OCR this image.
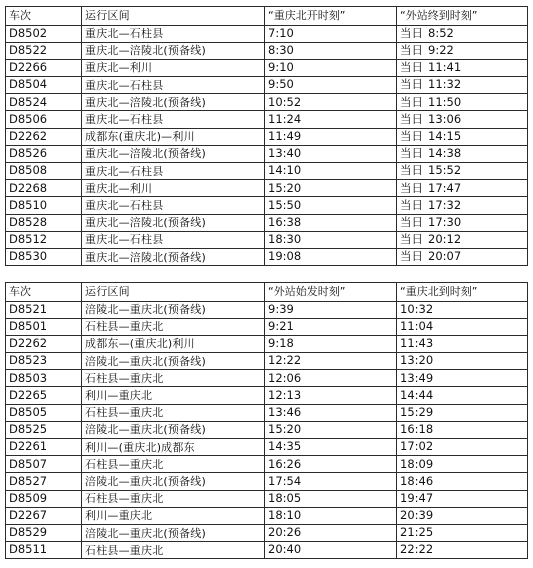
车次	运行区间	“重庆北开时刻”	“外站终到时刻”
D8502	重庆北—石柱县	7:10	当日 8:52
D8522	重庆北—涪陵北(预备线)	8:30	当日 9:22
D2266	重庆北—利川	9:10	当日 11:41
D8504	重庆北—石柱县	9:50	当日 11:32
D8524	重庆北—涪陵北(预备线)	10:52	当日 11:50
D8506	重庆北—石柱县	11:24	当日 13:06
D2262	成都东(重庆北)—利川	11:49	当日 14:15
D8526	重庆北—涪陵北(预备线)	13:40	当日 14:38
D8508	重庆北—石柱县	14:10	当日 15:52
D2268	重庆北—利川	15:20	当日 17:47
D8510	重庆北—石柱县	15:50	当日 17:32
D8528	重庆北—涪陵北(预备线)	16:38	当日 17:30
D8512	重庆北—石柱县	18:30	当日 20:12
D8530	重庆北—涪陵北(预备线)	19:08	当日 20:07
车次	运行区间	“外站始发时刻”	“重庆北到时刻”
D8521	涪陵北—重庆北(预备线)	9:39	10:32
D8501	石柱县—重庆北	9:21	11:04
D2262	成都东—(重庆北)利川	9:18	11:43
D8523	涪陵北—重庆北(预备线)	12:22	13:20
D8503	石柱县—重庆北	12:06	13:49
D2265	利川—重庆北	12:13	14:44
D8505	石柱县—重庆北	13:46	15:29
D8525	涪陵北—重庆北(预备线)	15:20	16:18
D2261	利川—(重庆北)成都东	14:35	17:02
D8507	石柱县—重庆北	16:26	18:09
D8527	涪陵北—重庆北(预备线)	17:54	18:46
D8509	石柱县—重庆北	18:05	19:47
D2267	利川—重庆北	18:10	20:39
D8529	涪陵北—重庆北(预备线)	20:26	21:25
D8511	石柱县—重庆北	20:40	22:22
